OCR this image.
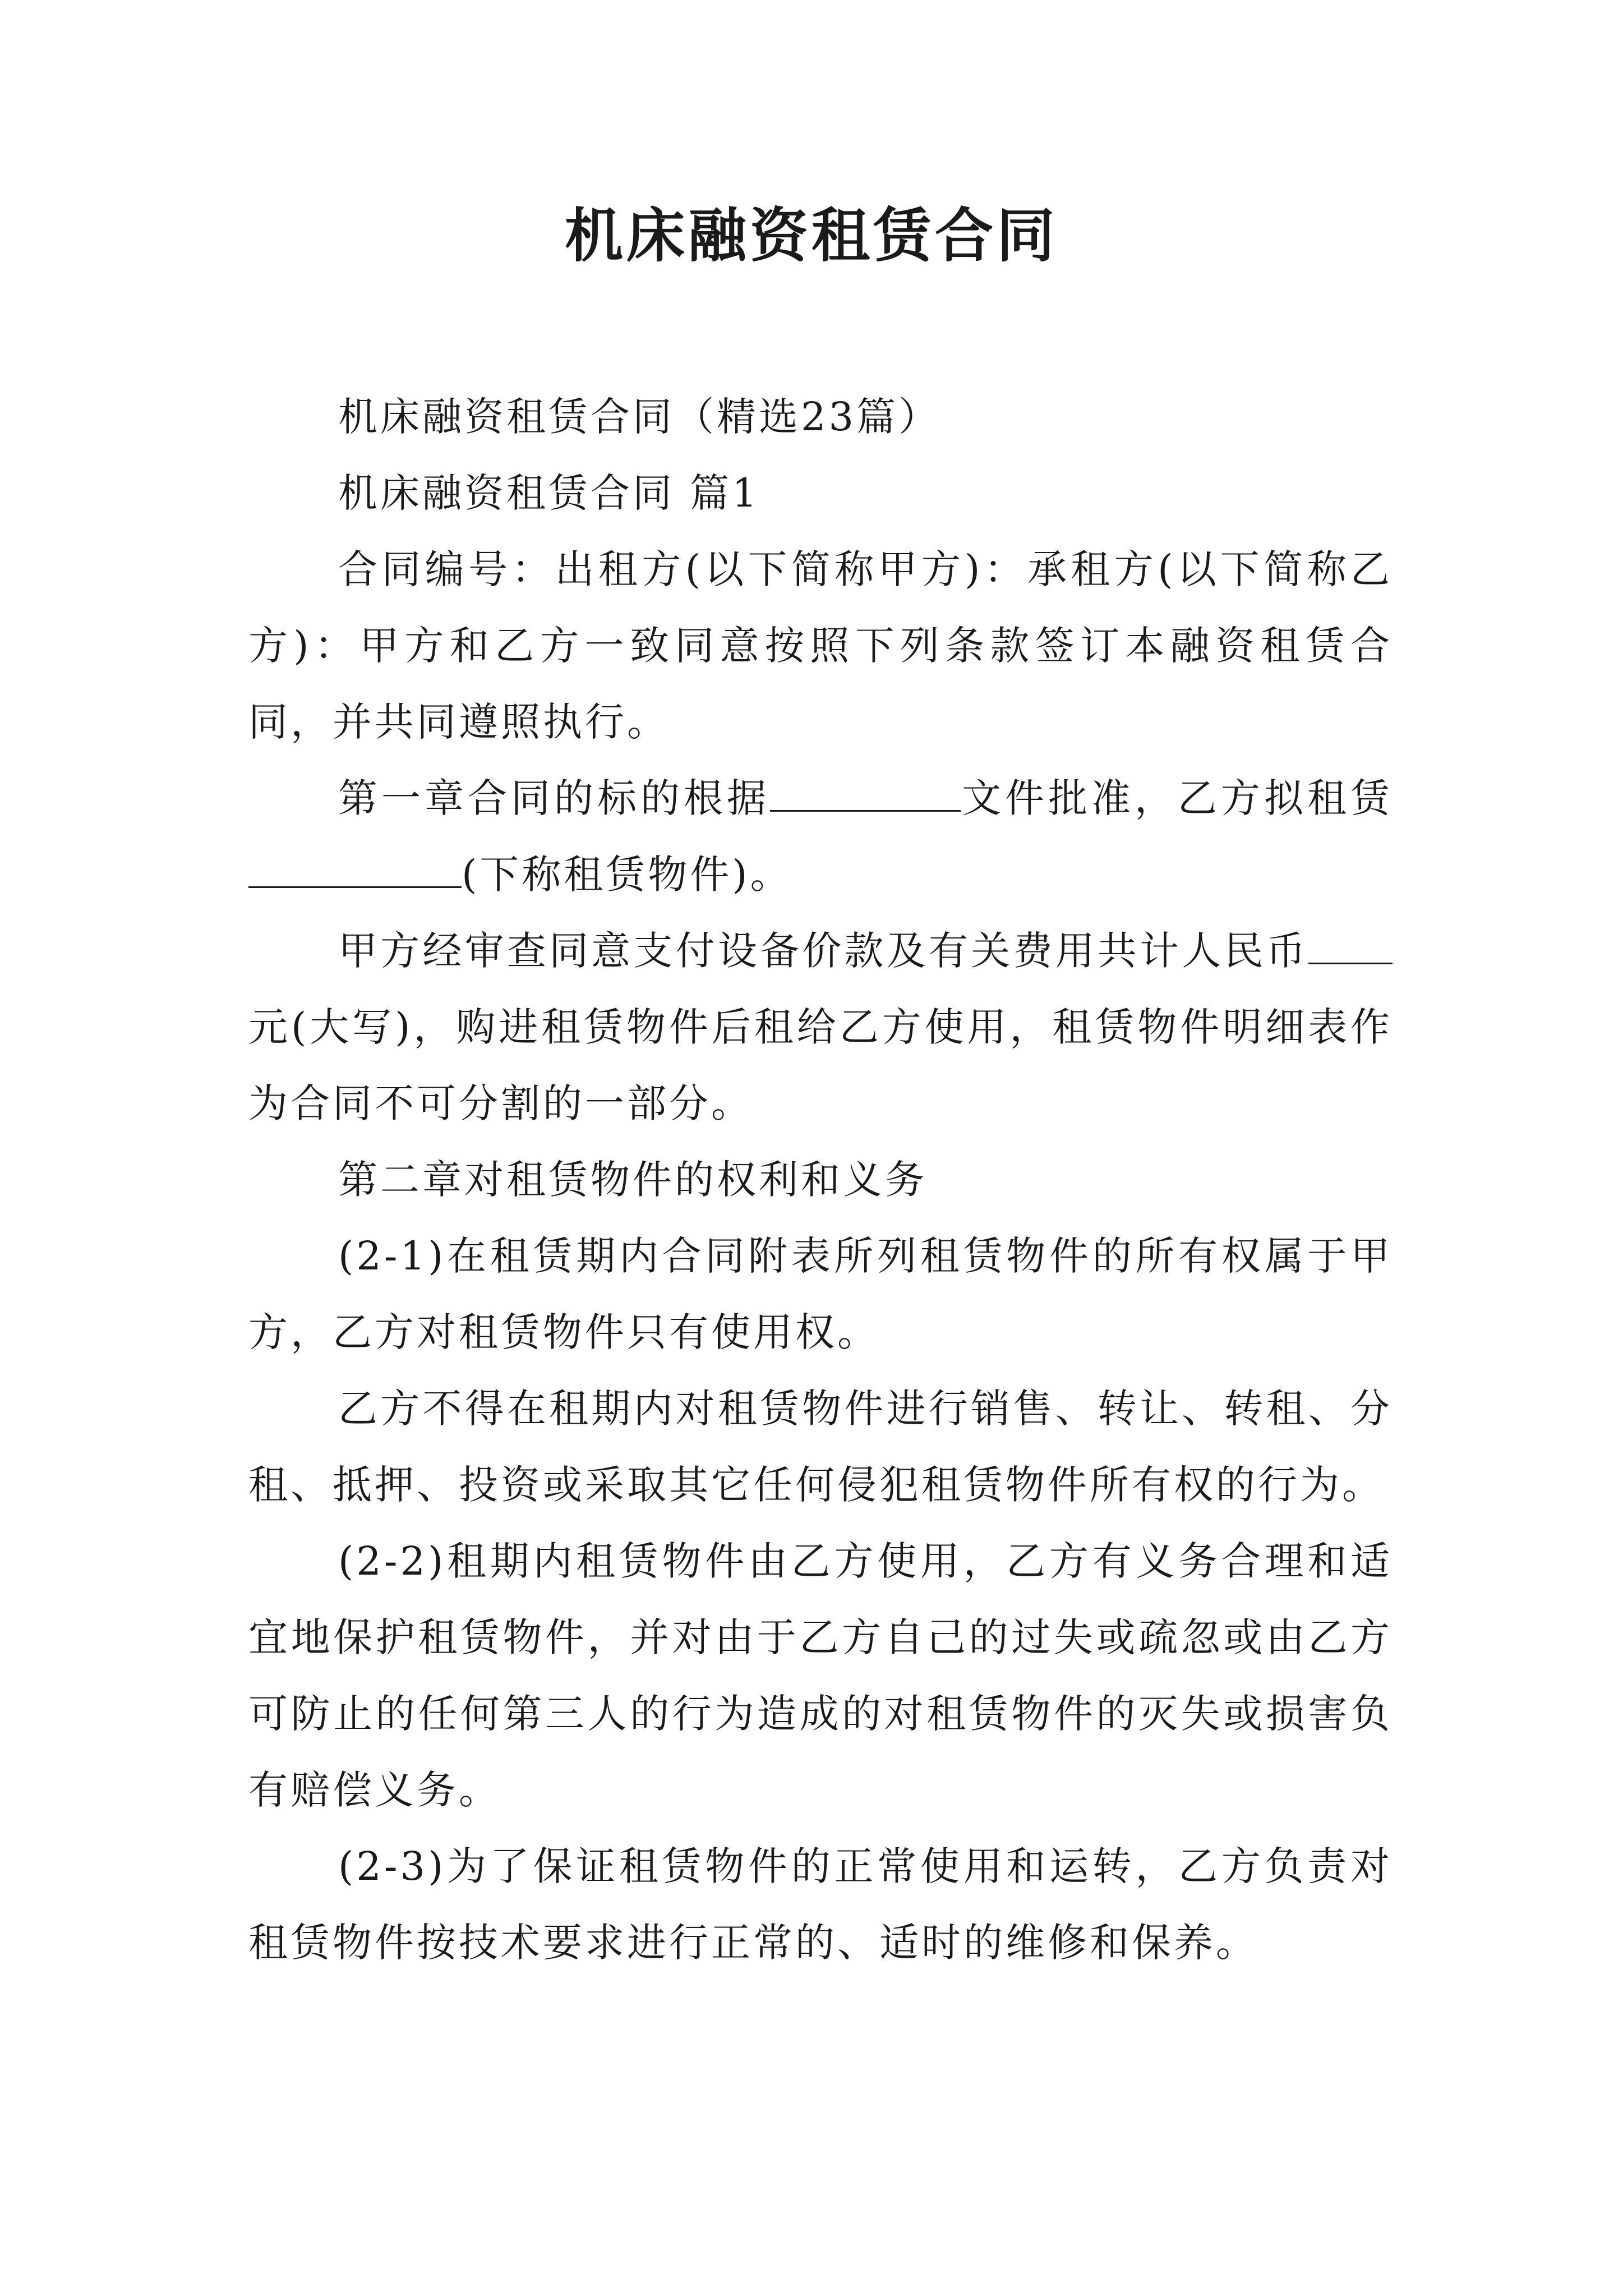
机床融资租赁合同

机床融资租赁合同（精选23篇）

机床融资租赁合同 篇1

合同编号：出租方(以下简称甲方)：承租方(以下简称乙方)：甲方和乙方一致同意按照下列条款签订本融资租赁合同，并共同遵照执行。

第一章合同的标的根据	文件批准，乙方拟租赁(下称租赁物件)。

甲方经审查同意支付设备价款及有关费用共计人民币元(大写)，购进租赁物件后租给乙方使用，租赁物件明细表作为合同不可分割的一部分。

第二章对租赁物件的权利和义务

(2-1)在租赁期内合同附表所列租赁物件的所有权属于甲方，乙方对租赁物件只有使用权。

乙方不得在租期内对租赁物件进行销售、转让、转租、分租、抵押、投资或采取其它任何侵犯租赁物件所有权的行为。

(2-2)租期内租赁物件由乙方使用，乙方有义务合理和适宜地保护租赁物件，并对由于乙方自己的过失或疏忽或由乙方可防止的任何第三人的行为造成的对租赁物件的灭失或损害负有赔偿义务。

(2-3)为了保证租赁物件的正常使用和运转，乙方负责对租赁物件按技术要求进行正常的、适时的维修和保养。
